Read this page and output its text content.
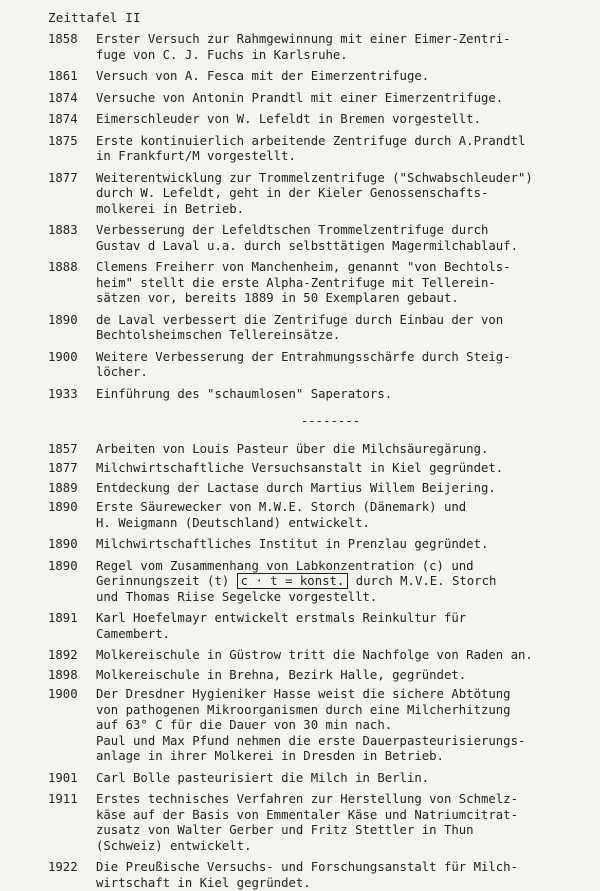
Zeittafel II
1858	Erster Versuch zur Rahmgewinnung mit einer Eimer-Zentri-
fuge von C. J. Fuchs in Karlsruhe.
1861	Versuch von A. Fesca mit der Eimerzentrifuge.
1874	Versuche von Antonin Prandtl mit einer Eimerzentrifuge.
1874	Eimerschleuder von W. Lefeldt in Bremen vorgestellt.
1875	Erste kontinuierlich arbeitende Zentrifuge durch A.Prandtl
in Frankfurt/M vorgestellt.
1877	Weiterentwicklung zur Trommelzentrifuge ("Schwabschleuder")
durch W. Lefeldt, geht in der Kieler Genossenschafts-
molkerei in Betrieb.
1883	Verbesserung der Lefeldtschen Trommelzentrifuge durch
Gustav d Laval u.a. durch selbsttätigen Magermilchablauf.
1888	Clemens Freiherr von Manchenheim, genannt "von Bechtols-
heim" stellt die erste Alpha-Zentrifuge mit Tellerein-
sätzen vor, bereits 1889 in 50 Exemplaren gebaut.
1890	de Laval verbessert die Zentrifuge durch Einbau der von
Bechtolsheimschen Tellereinsätze.
1900	Weitere Verbesserung der Entrahmungsschärfe durch Steig-
löcher.
1933	Einführung des "schaumlosen" Saperators.
--------
1857	Arbeiten von Louis Pasteur über die Milchsäuregärung.
1877	Milchwirtschaftliche Versuchsanstalt in Kiel gegründet.
1889	Entdeckung der Lactase durch Martius Willem Beijering.
1890	Erste Säurewecker von M.W.E. Storch (Dänemark) und
H. Weigmann (Deutschland) entwickelt.
1890	Milchwirtschaftliches Institut in Prenzlau gegründet.
1890	Regel vom Zusammenhang von Labkonzentration (c) und
Gerinnungszeit (t) c · t = konst. durch M.V.E. Storch
und Thomas Riise Segelcke vorgestellt.
1891	Karl Hoefelmayr entwickelt erstmals Reinkultur für
Camembert.
1892	Molkereischule in Güstrow tritt die Nachfolge von Raden an.
1898	Molkereischule in Brehna, Bezirk Halle, gegründet.
1900	Der Dresdner Hygieniker Hasse weist die sichere Abtötung
von pathogenen Mikroorganismen durch eine Milcherhitzung
auf 63° C für die Dauer von 30 min nach.
Paul und Max Pfund nehmen die erste Dauerpasteurisierungs-
anlage in ihrer Molkerei in Dresden in Betrieb.
1901	Carl Bolle pasteurisiert die Milch in Berlin.
1911	Erstes technisches Verfahren zur Herstellung von Schmelz-
käse auf der Basis von Emmentaler Käse und Natriumcitrat-
zusatz von Walter Gerber und Fritz Stettler in Thun
(Schweiz) entwickelt.
1922	Die Preußische Versuchs- und Forschungsanstalt für Milch-
wirtschaft in Kiel gegründet.
